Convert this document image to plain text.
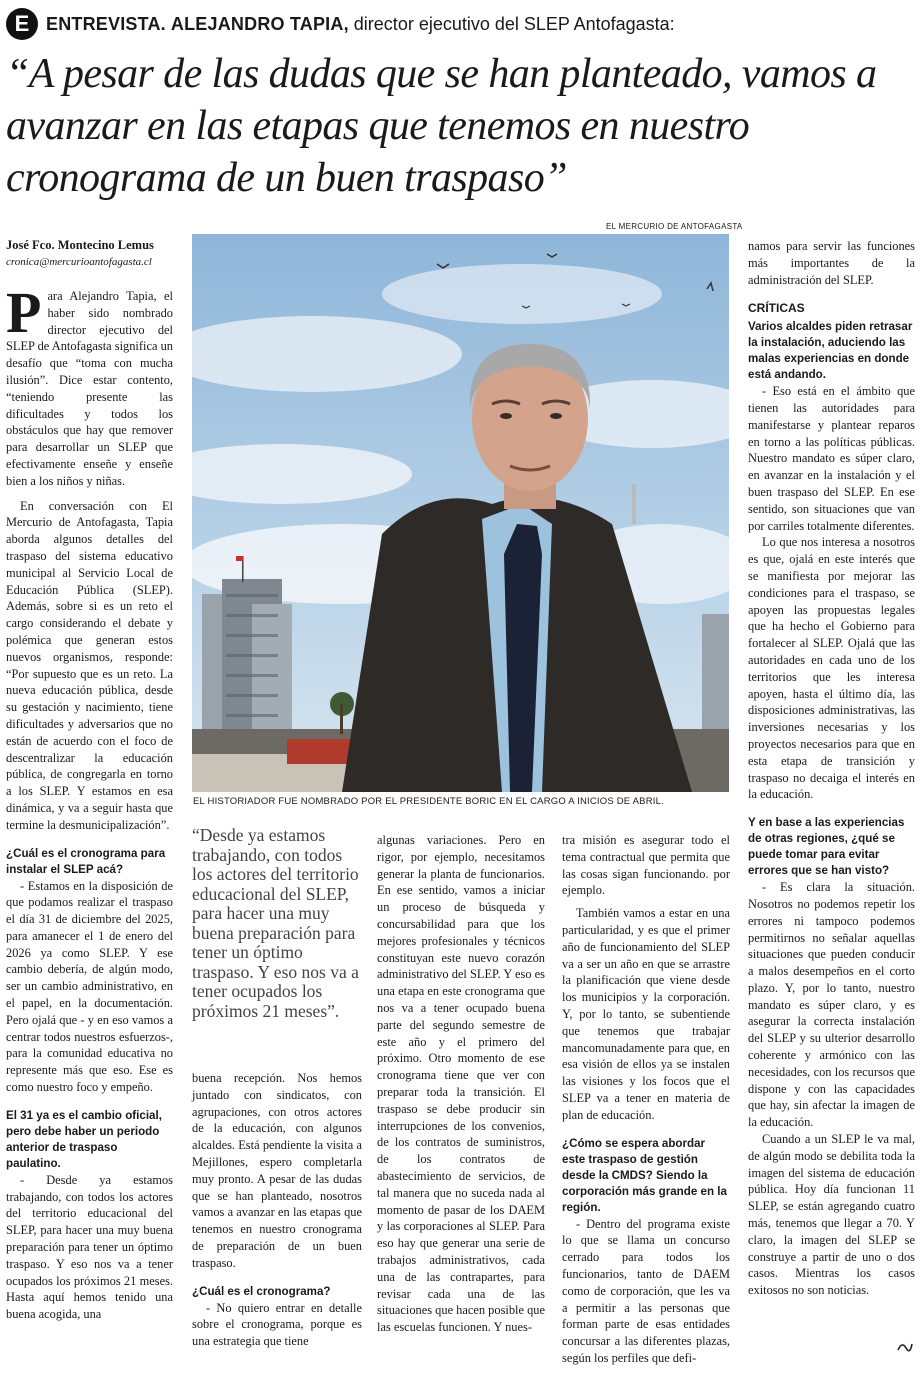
E ENTREVISTA. ALEJANDRO TAPIA, director ejecutivo del SLEP Antofagasta:
“A pesar de las dudas que se han planteado, vamos a avanzar en las etapas que tenemos en nuestro cronograma de un buen traspaso”
EL MERCURIO DE ANTOFAGASTA
José Fco. Montecino Lemus
cronica@mercurioantofagasta.cl
EL HISTORIADOR FUE NOMBRADO POR EL PRESIDENTE BORIC EN EL CARGO A INICIOS DE ABRIL.

Para Alejandro Tapia, el haber sido nombrado director ejecutivo del SLEP de Antofagasta significa un desafío que “toma con mucha ilusión”. Dice estar contento, “teniendo presente las dificultades y todos los obstáculos que hay que remover para desarrollar un SLEP que efectivamente enseñe y enseñe bien a los niños y niñas.

En conversación con El Mercurio de Antofagasta, Tapia aborda algunos detalles del traspaso del sistema educativo municipal al Servicio Local de Educación Pública (SLEP). Además, sobre si es un reto el cargo considerando el debate y polémica que generan estos nuevos organismos, responde: “Por supuesto que es un reto. La nueva educación pública, desde su gestación y nacimiento, tiene dificultades y adversarios que no están de acuerdo con el foco de descentralizar la educación pública, de congregarla en torno a los SLEP. Y estamos en esa dinámica, y va a seguir hasta que termine la desmunicipalización”.

¿Cuál es el cronograma para instalar el SLEP acá?

- Estamos en la disposición de que podamos realizar el traspaso el día 31 de diciembre del 2025, para amanecer el 1 de enero del 2026 ya como SLEP. Y ese cambio debería, de algún modo, ser un cambio administrativo, en el papel, en la documentación. Pero ojalá que - y en eso vamos a centrar todos nuestros esfuerzos-, para la comunidad educativa no represente más que eso. Ese es como nuestro foco y empeño.

El 31 ya es el cambio oficial, pero debe haber un periodo anterior de traspaso paulatino.

- Desde ya estamos trabajando, con todos los actores del territorio educacional del SLEP, para hacer una muy buena preparación para tener un óptimo traspaso. Y eso nos va a tener ocupados los próximos 21 meses. Hasta aquí hemos tenido una buena acogida, una

“Desde ya estamos trabajando, con todos los actores del territorio educacional del SLEP, para hacer una muy buena preparación para tener un óptimo traspaso. Y eso nos va a tener ocupados los próximos 21 meses”.

buena recepción. Nos hemos juntado con sindicatos, con agrupaciones, con otros actores de la educación, con algunos alcaldes. Está pendiente la visita a Mejillones, espero completarla muy pronto. A pesar de las dudas que se han planteado, nosotros vamos a avanzar en las etapas que tenemos en nuestro cronograma de preparación de un buen traspaso.

¿Cuál es el cronograma?

- No quiero entrar en detalle sobre el cronograma, porque es una estrategia que tiene

algunas variaciones. Pero en rigor, por ejemplo, necesitamos generar la planta de funcionarios. En ese sentido, vamos a iniciar un proceso de búsqueda y concursabilidad para que los mejores profesionales y técnicos constituyan este nuevo corazón administrativo del SLEP. Y eso es una etapa en este cronograma que nos va a tener ocupado buena parte del segundo semestre de este año y el primero del próximo. Otro momento de ese cronograma tiene que ver con preparar toda la transición. El traspaso se debe producir sin interrupciones de los convenios, de los contratos de suministros, de los contratos de abastecimiento de servicios, de tal manera que no suceda nada al momento de pasar de los DAEM y las corporaciones al SLEP. Para eso hay que generar una serie de trabajos administrativos, cada una de las contrapartes, para revisar cada una de las situaciones que hacen posible que las escuelas funcionen. Y nues-

tra misión es asegurar todo el tema contractual que permita que las cosas sigan funcionando. por ejemplo.

También vamos a estar en una particularidad, y es que el primer año de funcionamiento del SLEP va a ser un año en que se arrastre la planificación que viene desde los municipios y la corporación. Y, por lo tanto, se subentiende que tenemos que trabajar mancomunadamente para que, en esa visión de ellos ya se instalen las visiones y los focos que el SLEP va a tener en materia de plan de educación.

¿Cómo se espera abordar este traspaso de gestión desde la CMDS? Siendo la corporación más grande en la región.

- Dentro del programa existe lo que se llama un concurso cerrado para todos los funcionarios, tanto de DAEM como de corporación, que les va a permitir a las personas que forman parte de esas entidades concursar a las diferentes plazas, según los perfiles que defi-

namos para servir las funciones más importantes de la administración del SLEP.

CRÍTICAS

Varios alcaldes piden retrasar la instalación, aduciendo las malas experiencias en donde está andando.

- Eso está en el ámbito que tienen las autoridades para manifestarse y plantear reparos en torno a las políticas públicas. Nuestro mandato es súper claro, en avanzar en la instalación y el buen traspaso del SLEP. En ese sentido, son situaciones que van por carriles totalmente diferentes.

Lo que nos interesa a nosotros es que, ojalá en este interés que se manifiesta por mejorar las condiciones para el traspaso, se apoyen las propuestas legales que ha hecho el Gobierno para fortalecer al SLEP. Ojalá que las autoridades en cada uno de los territorios que les interesa apoyen, hasta el último día, las disposiciones administrativas, las inversiones necesarias y los proyectos necesarios para que en esta etapa de transición y traspaso no decaiga el interés en la educación.

Y en base a las experiencias de otras regiones, ¿qué se puede tomar para evitar errores que se han visto?

- Es clara la situación. Nosotros no podemos repetir los errores ni tampoco podemos permitirnos no señalar aquellas situaciones que pueden conducir a malos desempeños en el corto plazo. Y, por lo tanto, nuestro mandato es súper claro, y es asegurar la correcta instalación del SLEP y su ulterior desarrollo coherente y armónico con las necesidades, con los recursos que dispone y con las capacidades que hay, sin afectar la imagen de la educación.

Cuando a un SLEP le va mal, de algún modo se debilita toda la imagen del sistema de educación pública. Hoy día funcionan 11 SLEP, se están agregando cuatro más, tenemos que llegar a 70. Y claro, la imagen del SLEP se construye a partir de uno o dos casos. Mientras los casos exitosos no son noticias.
